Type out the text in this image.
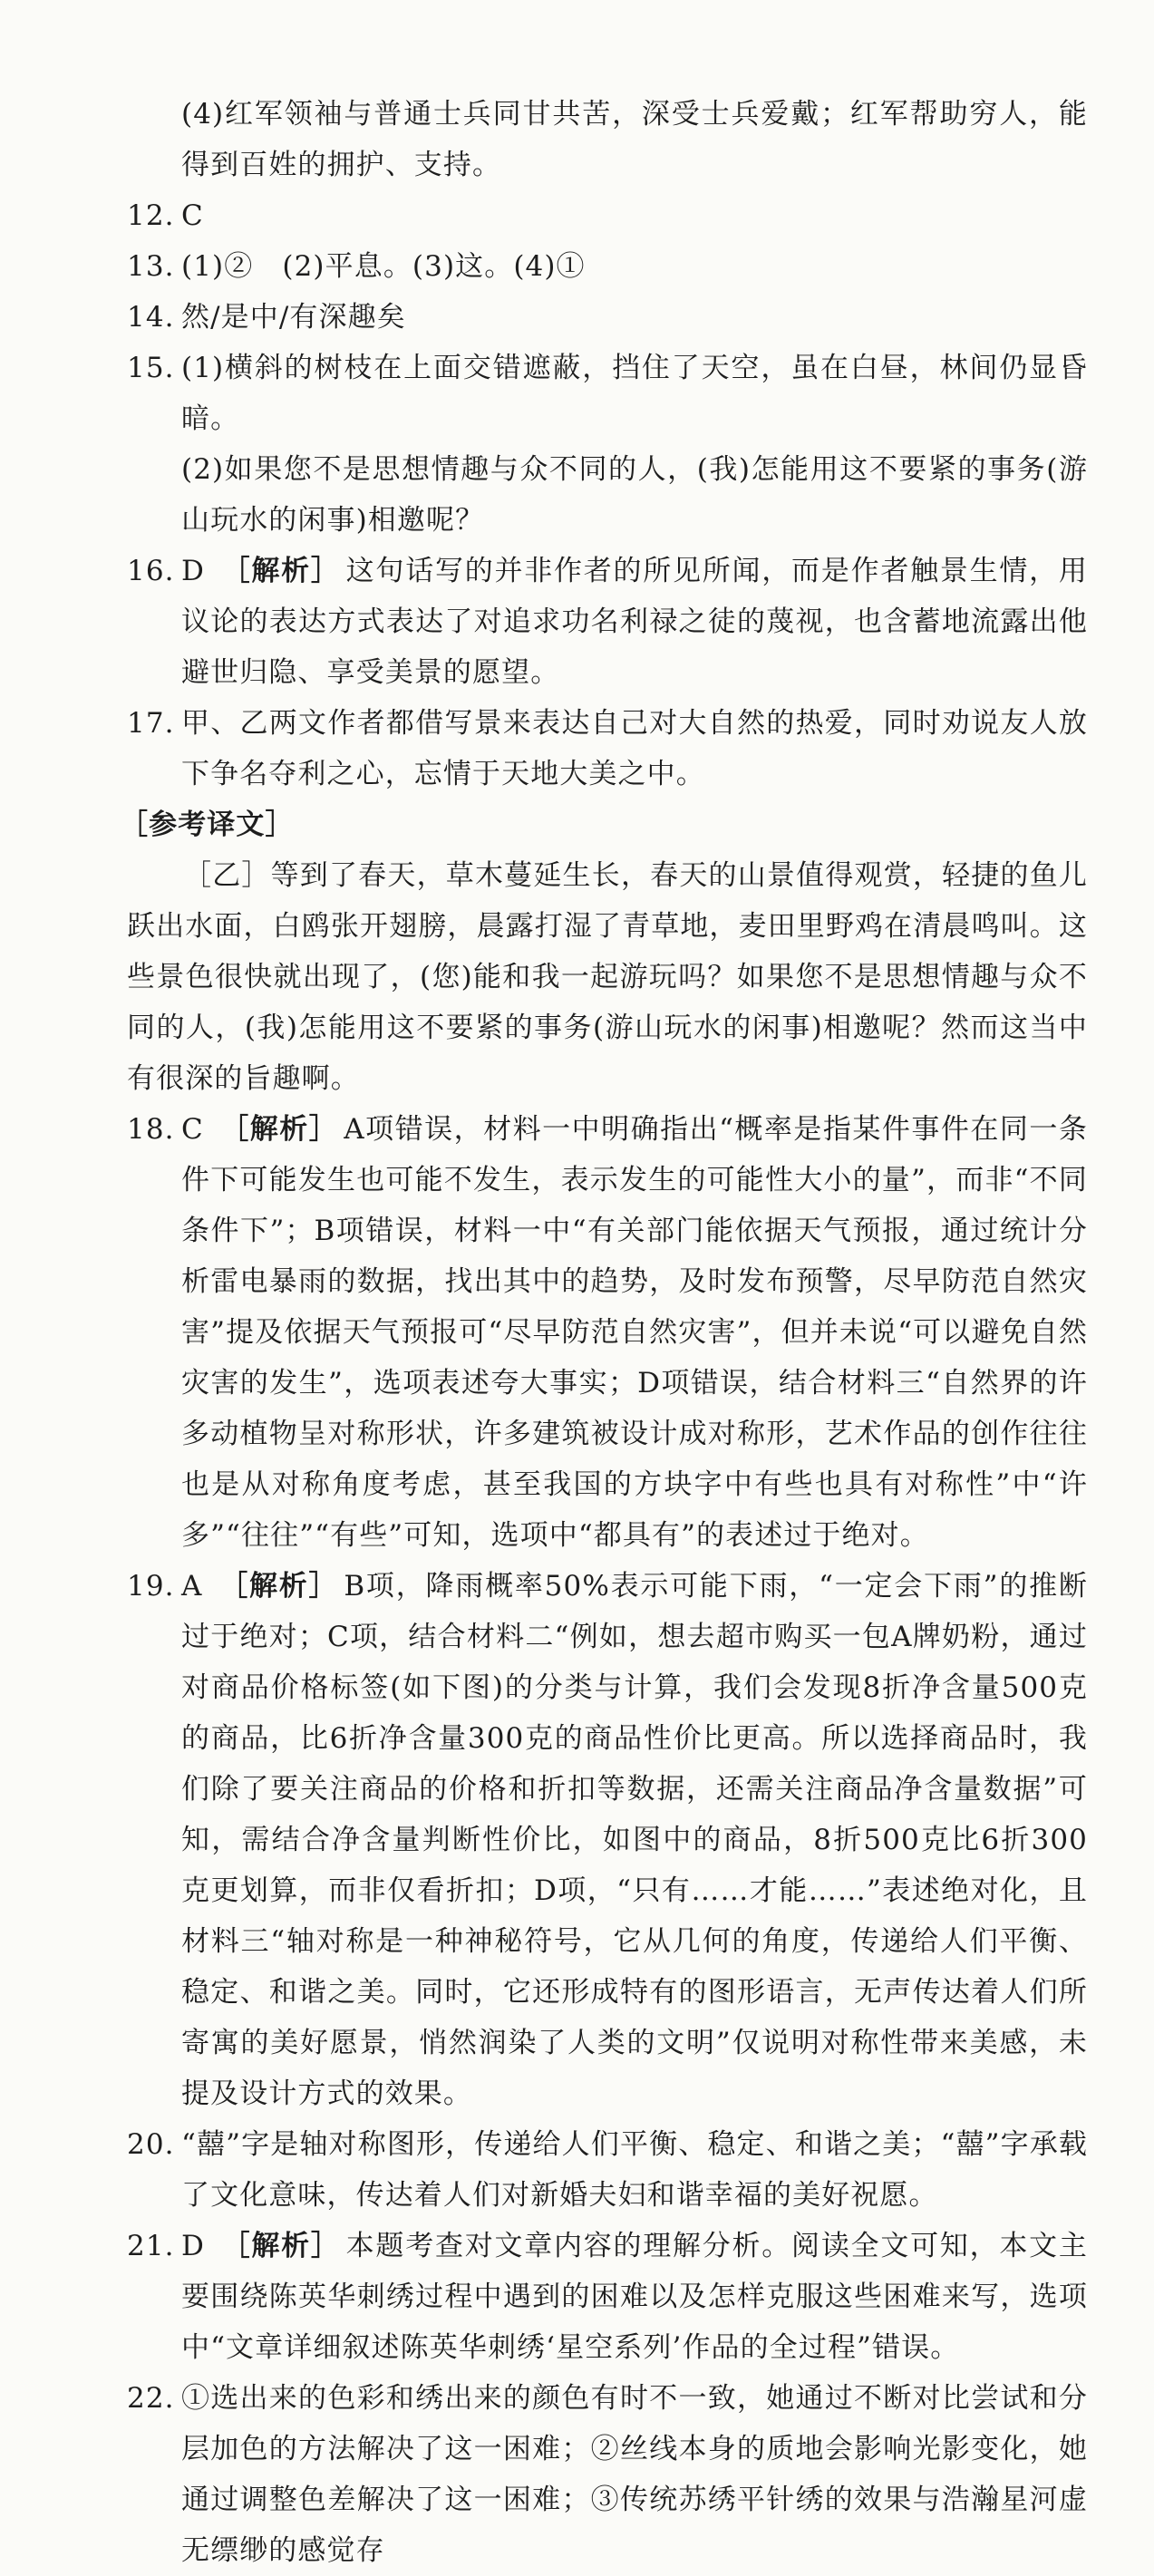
(4)红军领袖与普通士兵同甘共苦，深受士兵爱戴；红军帮助穷人，能得到百姓的拥护、支持。
12. C
13. (1)②　(2)平息。(3)这。(4)①
14. 然/是中/有深趣矣
15. (1)横斜的树枝在上面交错遮蔽，挡住了天空，虽在白昼，林间仍显昏暗。
(2)如果您不是思想情趣与众不同的人，(我)怎能用这不要紧的事务(游山玩水的闲事)相邀呢？
16. D ［解析］ 这句话写的并非作者的所见所闻，而是作者触景生情，用议论的表达方式表达了对追求功名利禄之徒的蔑视，也含蓄地流露出他避世归隐、享受美景的愿望。
17. 甲、乙两文作者都借写景来表达自己对大自然的热爱，同时劝说友人放下争名夺利之心，忘情于天地大美之中。
［参考译文］
［乙］等到了春天，草木蔓延生长，春天的山景值得观赏，轻捷的鱼儿跃出水面，白鸥张开翅膀，晨露打湿了青草地，麦田里野鸡在清晨鸣叫。这些景色很快就出现了，(您)能和我一起游玩吗？如果您不是思想情趣与众不同的人，(我)怎能用这不要紧的事务(游山玩水的闲事)相邀呢？然而这当中有很深的旨趣啊。
18. C ［解析］ A项错误，材料一中明确指出“概率是指某件事件在同一条件下可能发生也可能不发生，表示发生的可能性大小的量”，而非“不同条件下”；B项错误，材料一中“有关部门能依据天气预报，通过统计分析雷电暴雨的数据，找出其中的趋势，及时发布预警，尽早防范自然灾害”提及依据天气预报可“尽早防范自然灾害”，但并未说“可以避免自然灾害的发生”，选项表述夸大事实；D项错误，结合材料三“自然界的许多动植物呈对称形状，许多建筑被设计成对称形，艺术作品的创作往往也是从对称角度考虑，甚至我国的方块字中有些也具有对称性”中“许多”“往往”“有些”可知，选项中“都具有”的表述过于绝对。
19. A ［解析］ B项，降雨概率50%表示可能下雨，“一定会下雨”的推断过于绝对；C项，结合材料二“例如，想去超市购买一包A牌奶粉，通过对商品价格标签(如下图)的分类与计算，我们会发现8折净含量500克的商品，比6折净含量300克的商品性价比更高。所以选择商品时，我们除了要关注商品的价格和折扣等数据，还需关注商品净含量数据”可知，需结合净含量判断性价比，如图中的商品，8折500克比6折300克更划算，而非仅看折扣；D项，“只有……才能……”表述绝对化，且材料三“轴对称是一种神秘符号，它从几何的角度，传递给人们平衡、稳定、和谐之美。同时，它还形成特有的图形语言，无声传达着人们所寄寓的美好愿景，悄然润染了人类的文明”仅说明对称性带来美感，未提及设计方式的效果。
20. “囍”字是轴对称图形，传递给人们平衡、稳定、和谐之美；“囍”字承载了文化意味，传达着人们对新婚夫妇和谐幸福的美好祝愿。
21. D ［解析］ 本题考查对文章内容的理解分析。阅读全文可知，本文主要围绕陈英华刺绣过程中遇到的困难以及怎样克服这些困难来写，选项中“文章详细叙述陈英华刺绣‘星空系列’作品的全过程”错误。
22. ①选出来的色彩和绣出来的颜色有时不一致，她通过不断对比尝试和分层加色的方法解决了这一困难；②丝线本身的质地会影响光影变化，她通过调整色差解决了这一困难；③传统苏绣平针绣的效果与浩瀚星河虚无缥缈的感觉存
